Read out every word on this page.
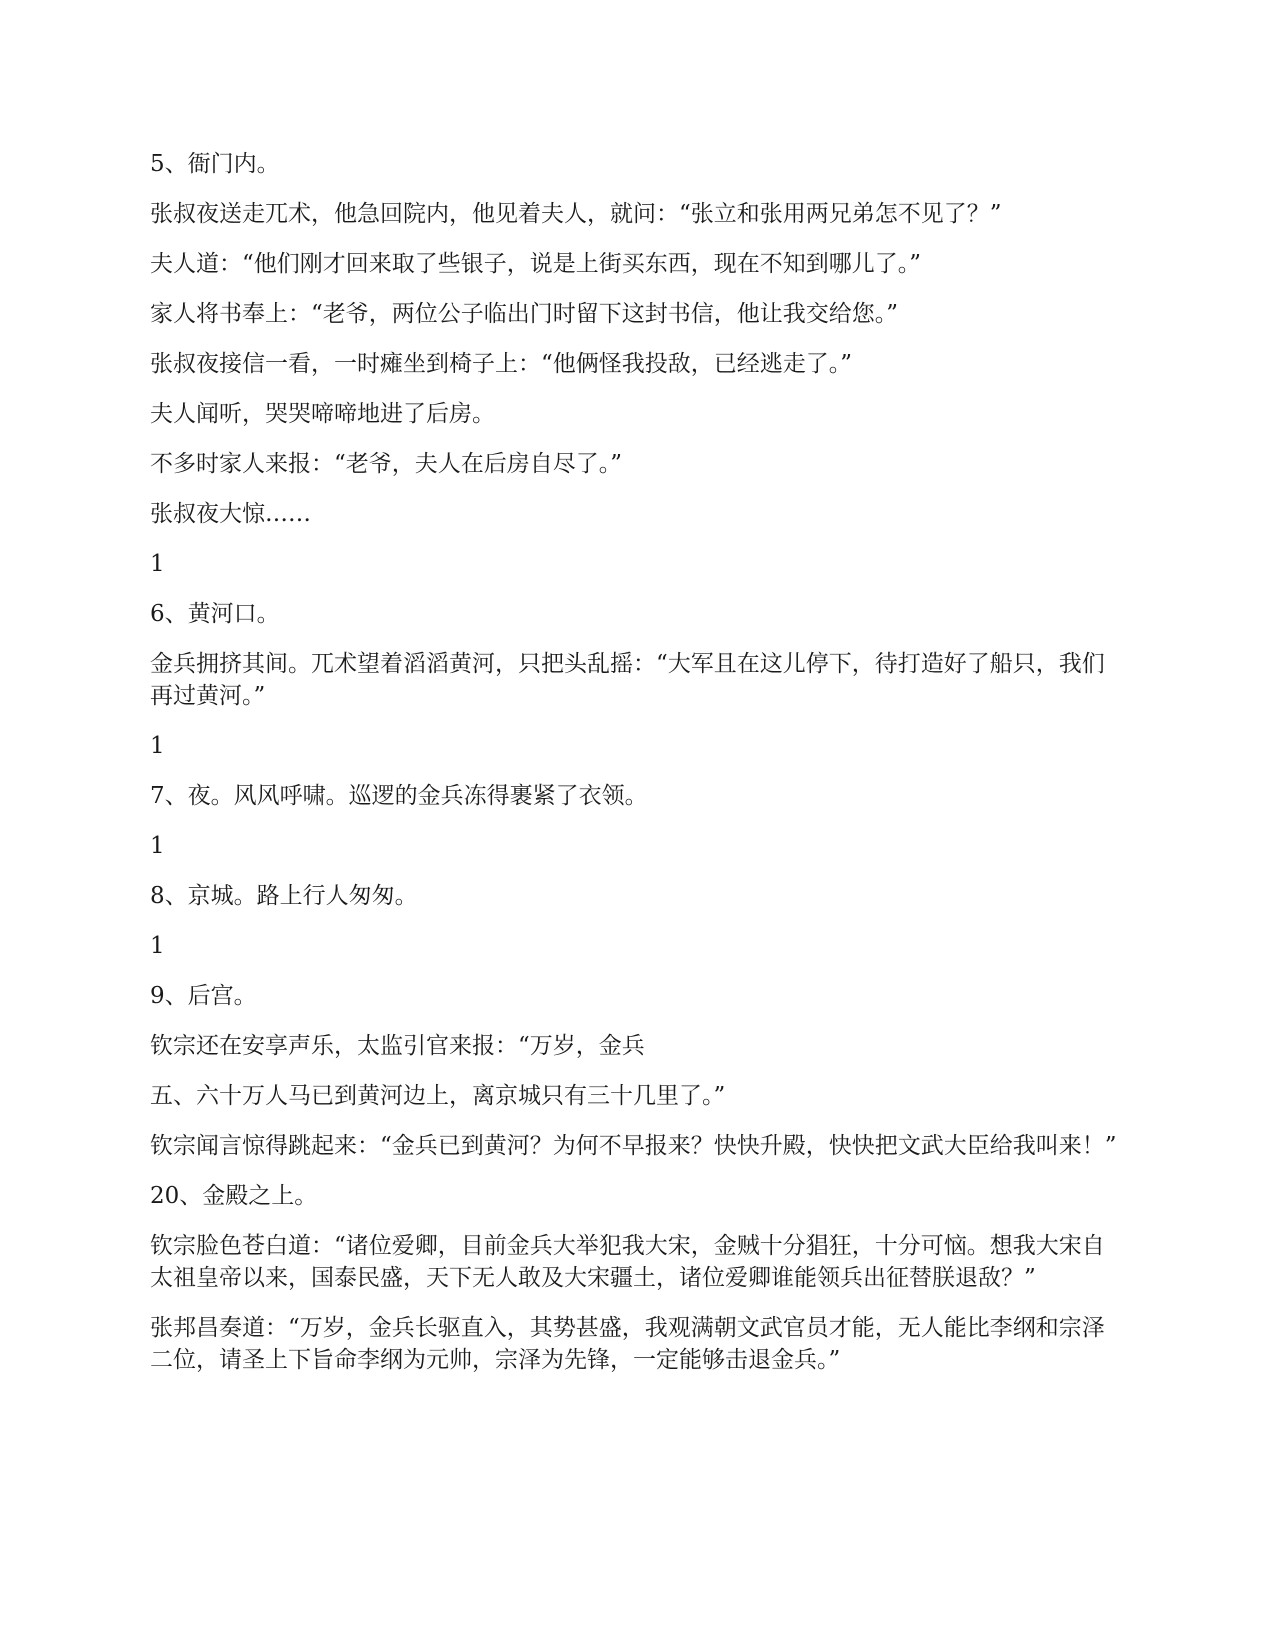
5、衙门内。

张叔夜送走兀术，他急回院内，他见着夫人，就问：“张立和张用两兄弟怎不见了？”

夫人道：“他们刚才回来取了些银子，说是上街买东西，现在不知到哪儿了。”

家人将书奉上：“老爷，两位公子临出门时留下这封书信，他让我交给您。”

张叔夜接信一看，一时瘫坐到椅子上：“他俩怪我投敌，已经逃走了。”

夫人闻听，哭哭啼啼地进了后房。

不多时家人来报：“老爷，夫人在后房自尽了。”

张叔夜大惊……

1

6、黄河口。

金兵拥挤其间。兀术望着滔滔黄河，只把头乱摇：“大军且在这儿停下，待打造好了船只，我们再过黄河。”

1

7、夜。风风呼啸。巡逻的金兵冻得裹紧了衣领。

1

8、京城。路上行人匆匆。

1

9、后宫。

钦宗还在安享声乐，太监引官来报：“万岁，金兵

五、六十万人马已到黄河边上，离京城只有三十几里了。”

钦宗闻言惊得跳起来：“金兵已到黄河？为何不早报来？快快升殿，快快把文武大臣给我叫来！”

20、金殿之上。

钦宗脸色苍白道：“诸位爱卿，目前金兵大举犯我大宋，金贼十分猖狂，十分可恼。想我大宋自太祖皇帝以来，国泰民盛，天下无人敢及大宋疆土，诸位爱卿谁能领兵出征替朕退敌？”

张邦昌奏道：“万岁，金兵长驱直入，其势甚盛，我观满朝文武官员才能，无人能比李纲和宗泽二位，请圣上下旨命李纲为元帅，宗泽为先锋，一定能够击退金兵。”
